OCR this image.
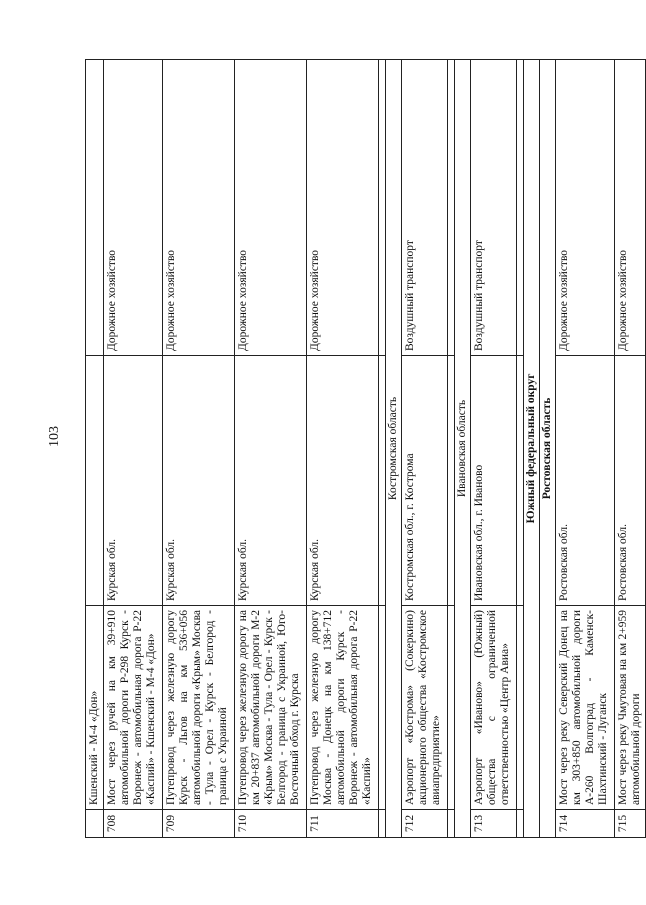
103
	Кшенский - М-4 «Дон»		
708	Мост через ручей на км 39+910 автомобильной дороги Р-298 Курск - Воронеж - автомобильная дорога Р-22 «Каспий» - Кшенский - М-4 «Дон»	Курская обл.	Дорожное хозяйство
709	Путепровод через железную дорогу Курск - Льгов на км 536+056 автомобильной дороги «Крым» Москва - Тула - Орел - Курск - Белгород - граница с Украиной	Курская обл.	Дорожное хозяйство
710	Путепровод через железную дорогу на км 20+837 автомобильной дороги М-2 «Крым» Москва - Тула - Орел - Курск - Белгород - граница с Украиной, Юго-Восточный обход г. Курска	Курская обл.	Дорожное хозяйство
711	Путепровод через железную дорогу Москва - Донецк на км 138+712 автомобильной дороги Курск - Воронеж - автомобильная дорога Р-22 «Каспий»	Курская обл.	Дорожное хозяйство

Костромская область			
712	Аэропорт «Кострома» (Сокеркино) акционерного общества «Костромское авиапредприятие»	Костромская обл., г. Кострома	Воздушный транспорт

Ивановская область			
713	Аэропорт «Иваново» (Южный) общества с ограниченной ответственностью «Центр Авиа»	Ивановская обл., г. Иваново	Воздушный транспорт

Южный федеральный округ			
Ростовская область			
714	Мост через реку Северский Донец на км 303+850 автомобильной дороги А-260 Волгоград - Каменск-Шахтинский - Луганск	Ростовская обл.	Дорожное хозяйство
715	Мост через реку Чмутовая на км 2+959 автомобильной дороги	Ростовская обл.	Дорожное хозяйство
